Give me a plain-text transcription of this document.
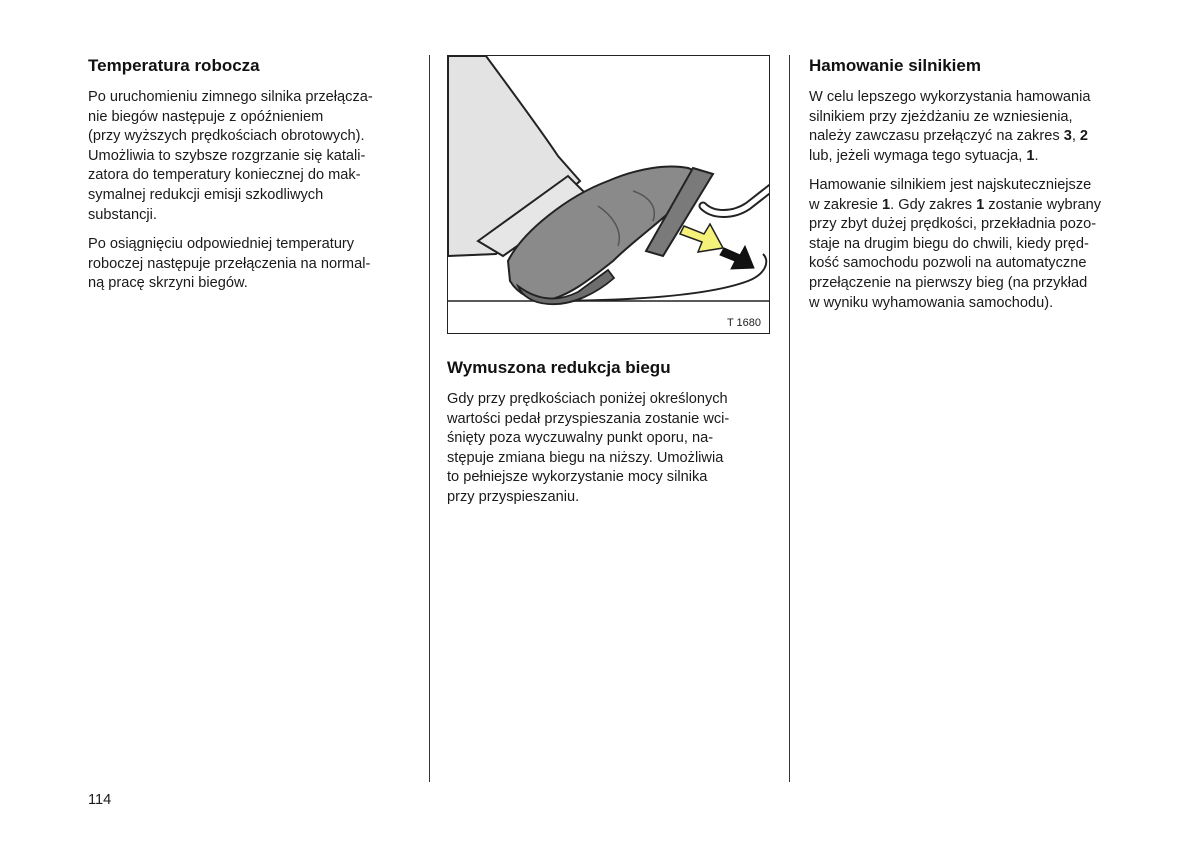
Temperatura robocza

Po uruchomieniu zimnego silnika przełącza-
nie biegów następuje z opóźnieniem
(przy wyższych prędkościach obrotowych).
Umożliwia to szybsze rozgrzanie się katali-
zatora do temperatury koniecznej do mak-
symalnej redukcji emisji szkodliwych
substancji.

Po osiągnięciu odpowiedniej temperatury
roboczej następuje przełączenia na normal-
ną pracę skrzyni biegów.

T 1680
Wymuszona redukcja biegu

Gdy przy prędkościach poniżej określonych
wartości pedał przyspieszania zostanie wci-
śnięty poza wyczuwalny punkt oporu, na-
stępuje zmiana biegu na niższy. Umożliwia
to pełniejsze wykorzystanie mocy silnika
przy przyspieszaniu.

Hamowanie silnikiem

W celu lepszego wykorzystania hamowania
silnikiem przy zjeżdżaniu ze wzniesienia,
należy zawczasu przełączyć na zakres 3, 2
lub, jeżeli wymaga tego sytuacja, 1.

Hamowanie silnikiem jest najskuteczniejsze
w zakresie 1. Gdy zakres 1 zostanie wybrany
przy zbyt dużej prędkości, przekładnia pozo-
staje na drugim biegu do chwili, kiedy pręd-
kość samochodu pozwoli na automatyczne
przełączenie na pierwszy bieg (na przykład
w wyniku wyhamowania samochodu).

114
